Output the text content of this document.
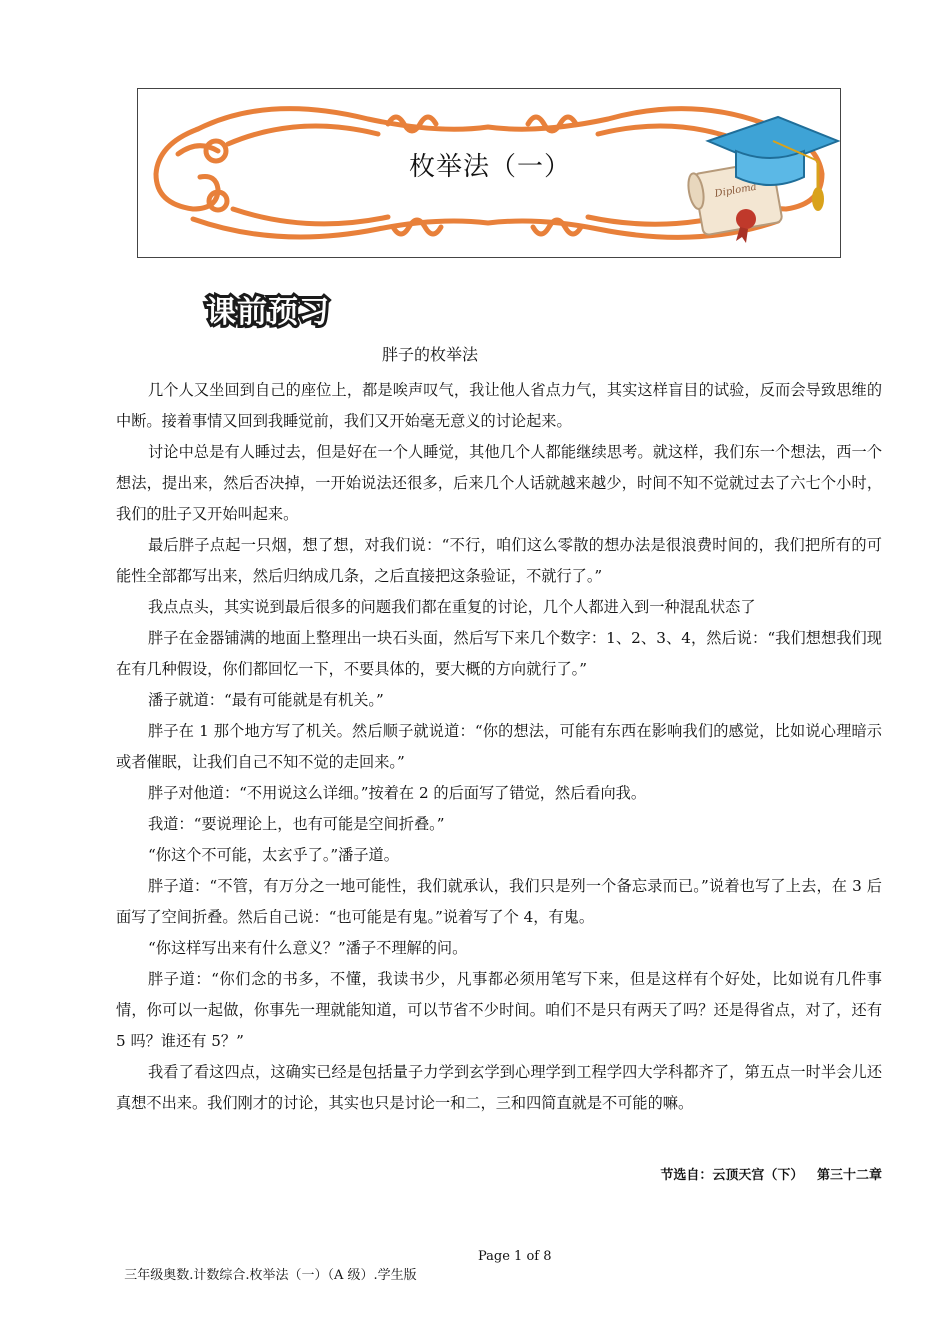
Diploma
枚举法（一）
课前预习
胖子的枚举法

几个人又坐回到自己的座位上，都是唉声叹气，我让他人省点力气，其实这样盲目的试验，反而会导致思维的中断。接着事情又回到我睡觉前，我们又开始毫无意义的讨论起来。

讨论中总是有人睡过去，但是好在一个人睡觉，其他几个人都能继续思考。就这样，我们东一个想法，西一个想法，提出来，然后否决掉，一开始说法还很多，后来几个人话就越来越少，时间不知不觉就过去了六七个小时，我们的肚子又开始叫起来。

最后胖子点起一只烟，想了想，对我们说：“不行，咱们这么零散的想办法是很浪费时间的，我们把所有的可能性全部都写出来，然后归纳成几条，之后直接把这条验证，不就行了。”

我点点头，其实说到最后很多的问题我们都在重复的讨论，几个人都进入到一种混乱状态了

胖子在金器铺满的地面上整理出一块石头面，然后写下来几个数字：1、2、3、4，然后说：“我们想想我们现在有几种假设，你们都回忆一下，不要具体的，要大概的方向就行了。”

潘子就道：“最有可能就是有机关。”

胖子在 1 那个地方写了机关。然后顺子就说道：“你的想法，可能有东西在影响我们的感觉，比如说心理暗示或者催眠，让我们自己不知不觉的走回来。”

胖子对他道：“不用说这么详细。”按着在 2 的后面写了错觉，然后看向我。

我道：“要说理论上，也有可能是空间折叠。”

“你这个不可能，太玄乎了。”潘子道。

胖子道：“不管，有万分之一地可能性，我们就承认，我们只是列一个备忘录而已。”说着也写了上去，在 3 后面写了空间折叠。然后自己说：“也可能是有鬼。”说着写了个 4，有鬼。

“你这样写出来有什么意义？”潘子不理解的问。

胖子道：“你们念的书多，不懂，我读书少，凡事都必须用笔写下来，但是这样有个好处，比如说有几件事情，你可以一起做，你事先一理就能知道，可以节省不少时间。咱们不是只有两天了吗？还是得省点，对了，还有 5 吗？谁还有 5？”

我看了看这四点，这确实已经是包括量子力学到玄学到心理学到工程学四大学科都齐了，第五点一时半会儿还真想不出来。我们刚才的讨论，其实也只是讨论一和二，三和四简直就是不可能的嘛。

节选自：云顶天宫（下）   第三十二章

三年级奥数.计数综合.枚举法（一）（A 级）.学生版

Page 1 of 8
